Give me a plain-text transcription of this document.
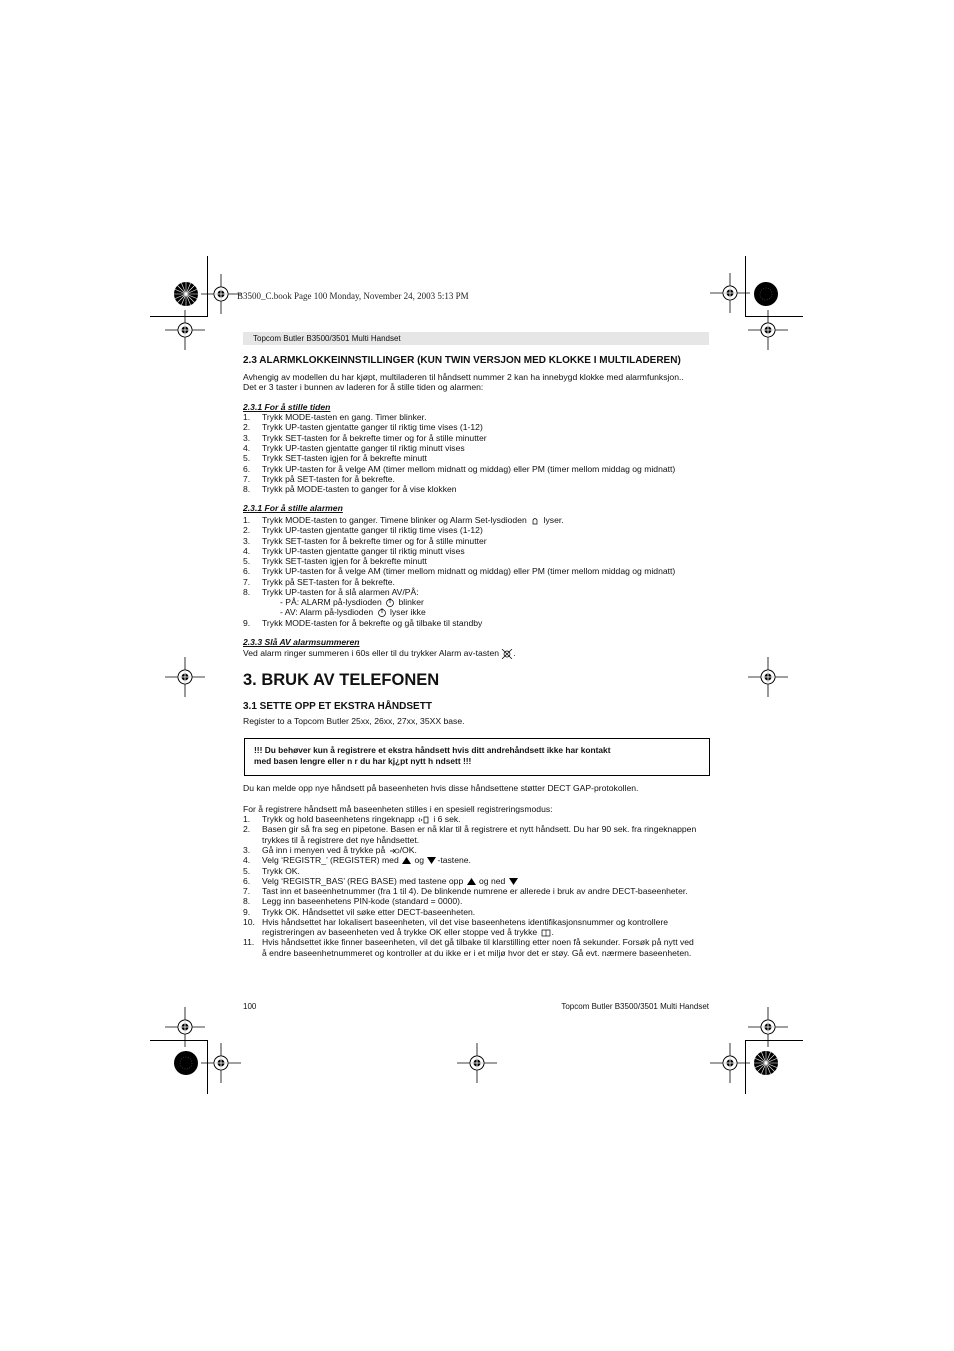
B3500_C.book Page 100 Monday, November 24, 2003 5:13 PM
Topcom Butler B3500/3501 Multi Handset
2.3 ALARMKLOKKEINNSTILLINGER (KUN TWIN VERSJON MED KLOKKE I MULTILADEREN)
Avhengig av modellen du har kjøpt, multiladeren til håndsett nummer 2 kan ha innebygd klokke med alarmfunksjon..
Det er 3 taster i bunnen av laderen for å stille tiden og alarmen:
2.3.1 For å stille tiden
1. Trykk MODE-tasten en gang. Timer blinker.
2. Trykk UP-tasten gjentatte ganger til riktig time vises (1-12)
3. Trykk SET-tasten for å bekrefte timer og for å stille minutter
4. Trykk UP-tasten gjentatte ganger til riktig minutt vises
5. Trykk SET-tasten igjen for å bekrefte minutt
6. Trykk UP-tasten for å velge AM (timer mellom midnatt og middag) eller PM (timer mellom middag og midnatt)
7. Trykk på SET-tasten for å bekrefte.
8. Trykk på MODE-tasten to ganger for å vise klokken
2.3.1 For å stille alarmen
1. Trykk MODE-tasten to ganger. Timene blinker og Alarm Set-lysdioden lyser.
2. Trykk UP-tasten gjentatte ganger til riktig time vises (1-12)
3. Trykk SET-tasten for å bekrefte timer og for å stille minutter
4. Trykk UP-tasten gjentatte ganger til riktig minutt vises
5. Trykk SET-tasten igjen for å bekrefte minutt
6. Trykk UP-tasten for å velge AM (timer mellom midnatt og middag) eller PM (timer mellom middag og midnatt)
7. Trykk på SET-tasten for å bekrefte.
8. Trykk UP-tasten for å slå alarmen AV/PÅ:
- PÅ: ALARM på-lysdioden blinker
- AV: Alarm på-lysdioden lyser ikke
9. Trykk MODE-tasten for å bekrefte og gå tilbake til standby
2.3.3 Slå AV alarmsummeren
Ved alarm ringer summeren i 60s eller til du trykker Alarm av-tasten .
3. BRUK AV TELEFONEN
3.1 SETTE OPP ET EKSTRA HÅNDSETT
Register to a Topcom Butler 25xx, 26xx, 27xx, 35XX base.
!!! Du behøver kun å registrere et ekstra håndsett hvis ditt andrehåndsett ikke har kontakt
med basen lengre eller n r du har kj¿pt nytt h ndsett !!!
Du kan melde opp nye håndsett på baseenheten hvis disse håndsettene støtter DECT GAP-protokollen.
For å registrere håndsett må baseenheten stilles i en spesiell registreringsmodus:
1. Trykk og hold baseenhetens ringeknapp i 6 sek.
2. Basen gir så fra seg en pipetone. Basen er nå klar til å registrere et nytt håndsett. Du har 90 sek. fra ringeknappen
trykkes til å registrere det nye håndsettet.
3. Gå inn i menyen ved å trykke på /OK.
4. Velg ‘REGISTR_’ (REGISTER) med og -tastene.
5. Trykk OK.
6. Velg ‘REGISTR_BAS’ (REG BASE) med tastene opp og ned
7. Tast inn et baseenhetnummer (fra 1 til 4). De blinkende numrene er allerede i bruk av andre DECT-baseenheter.
8. Legg inn baseenhetens PIN-kode (standard = 0000).
9. Trykk OK. Håndsettet vil søke etter DECT-baseenheten.
10. Hvis håndsettet har lokalisert baseenheten, vil det vise baseenhetens identifikasjonsnummer og kontrollere
registreringen av baseenheten ved å trykke OK eller stoppe ved å trykke .
11. Hvis håndsettet ikke finner baseenheten, vil det gå tilbake til klarstilling etter noen få sekunder. Forsøk på nytt ved
å endre baseenhetnummeret og kontroller at du ikke er i et miljø hvor det er støy. Gå evt. nærmere baseenheten.
100	Topcom Butler B3500/3501 Multi Handset
